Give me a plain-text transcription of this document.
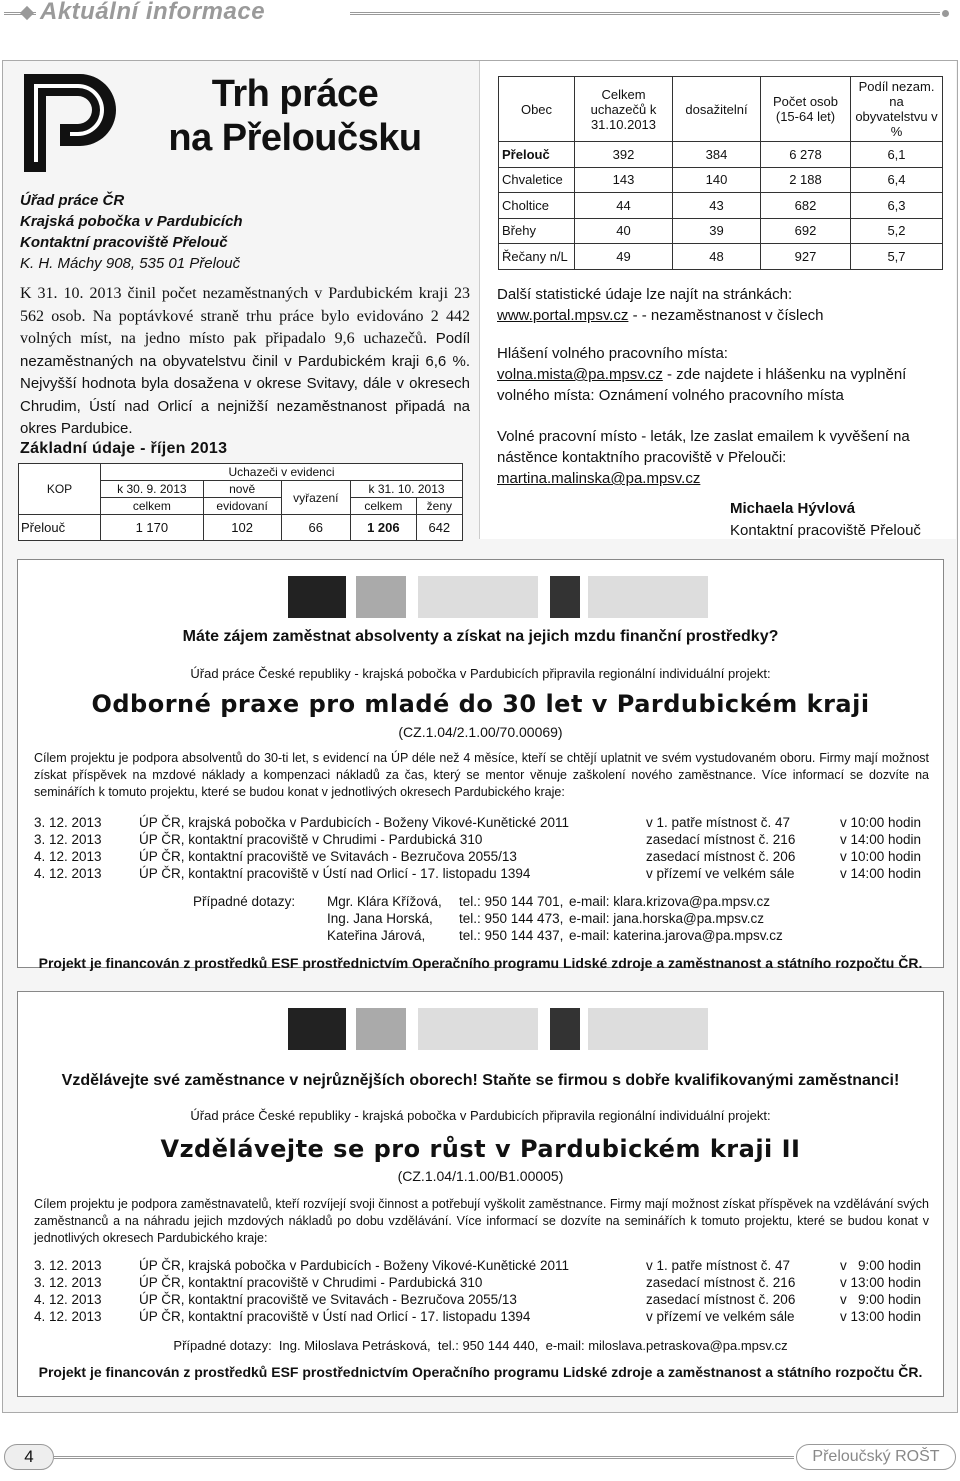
Aktuální informace
Trh práce
na Přeloučsku
Úřad práce ČR
Krajská pobočka v Pardubicích
Kontaktní pracoviště Přelouč
K. H. Máchy 908, 535 01 Přelouč

K 31. 10. 2013 činil počet nezaměstnaných v Pardubickém kraji 23 562 osob. Na poptávkové straně trhu práce bylo evidováno 2 442 volných míst, na jedno místo pak připadalo 9,6 uchazečů. Podíl nezaměstnaných na obyvatelstvu činil v Pardubickém kraji 6,6 %. Nejvyšší hodnota byla dosažena v okrese Svitavy, dále v okresech Chrudim, Ústí nad Orlicí a nejnižší nezaměstnanost připadá na okres Pardubice.

Základní údaje - říjen 2013
KOP	Uchazeči v evidenci				
	k 30. 9. 2013	nově	vyřazení	k 31. 10. 2013	
	celkem	evidovaní		celkem	ženy
Přelouč	1 170	102	66	1 206	642
Obec	Celkem uchazečů k 31.10.2013	dosažitelní	Počet osob (15-64 let)	Podíl nezam. na obyvatelstvu v %
Přelouč	392	384	6 278	6,1
Chvaletice	143	140	2 188	6,4
Choltice	44	43	682	6,3
Břehy	40	39	692	5,2
Řečany n/L	49	48	927	5,7
Další statistické údaje lze najít na stránkách:
www.portal.mpsv.cz - - nezaměstnanost v číslech
Hlášení volného pracovního místa:
volna.mista@pa.mpsv.cz - zde najdete i hlášenku na vyplnění volného místa: Oznámení volného pracovního místa
Volné pracovní místo - leták, lze zaslat emailem k vyvěšení na nástěnce kontaktního pracoviště v Přelouči:
martina.malinska@pa.mpsv.cz
Michaela Hývlová
Kontaktní pracoviště Přelouč
Máte zájem zaměstnat absolventy a získat na jejich mzdu finanční prostředky?
Úřad práce České republiky - krajská pobočka v Pardubicích připravila regionální individuální projekt:
Odborné praxe pro mladé do 30 let v Pardubickém kraji
(CZ.1.04/2.1.00/70.00069)
Cílem projektu je podpora absolventů do 30-ti let, s evidencí na ÚP déle než 4 měsíce, kteří se chtějí uplatnit ve svém vystudovaném oboru. Firmy mají možnost získat příspěvek na mzdové náklady a kompenzaci nákladů za čas, který se mentor věnuje zaškolení nového zaměstnance. Více informací se dozvíte na seminářích k tomuto projektu, které se budou konat v jednotlivých okresech Pardubického kraje:
3. 12. 2013	ÚP ČR, krajská pobočka v Pardubicích - Boženy Vikové-Kunětické 2011	v 1. patře místnost č. 47	v 10:00 hodin
3. 12. 2013	ÚP ČR, kontaktní pracoviště v Chrudimi - Pardubická 310	zasedací místnost č. 216	v 14:00 hodin
4. 12. 2013	ÚP ČR, kontaktní pracoviště ve Svitavách - Bezručova 2055/13	zasedací místnost č. 206	v 10:00 hodin
4. 12. 2013	ÚP ČR, kontaktní pracoviště v Ústí nad Orlicí - 17. listopadu 1394	v přízemí ve velkém sále	v 14:00 hodin
Případné dotazy:	Mgr. Klára Křížová,	tel.: 950 144 701,	e-mail: klara.krizova@pa.mpsv.cz
	Ing. Jana Horská,	tel.: 950 144 473,	e-mail: jana.horska@pa.mpsv.cz
	Kateřina Járová,	tel.: 950 144 437,	e-mail: katerina.jarova@pa.mpsv.cz
Projekt je financován z prostředků ESF prostřednictvím Operačního programu Lidské zdroje a zaměstnanost a státního rozpočtu ČR.
Vzdělávejte své zaměstnance v nejrůznějších oborech! Staňte se firmou s dobře kvalifikovanými zaměstnanci!
Úřad práce České republiky - krajská pobočka v Pardubicích připravila regionální individuální projekt:
Vzdělávejte se pro růst v Pardubickém kraji II
(CZ.1.04/1.1.00/B1.00005)
Cílem projektu je podpora zaměstnavatelů, kteří rozvíjejí svoji činnost a potřebují vyškolit zaměstnance. Firmy mají možnost získat příspěvek na vzdělávání svých zaměstnanců a na náhradu jejich mzdových nákladů po dobu vzdělávání. Více informací se dozvíte na seminářích k tomuto projektu, které se budou konat v jednotlivých okresech Pardubického kraje:
3. 12. 2013	ÚP ČR, krajská pobočka v Pardubicích - Boženy Vikové-Kunětické 2011	v 1. patře místnost č. 47	v   9:00 hodin
3. 12. 2013	ÚP ČR, kontaktní pracoviště v Chrudimi - Pardubická 310	zasedací místnost č. 216	v 13:00 hodin
4. 12. 2013	ÚP ČR, kontaktní pracoviště ve Svitavách - Bezručova 2055/13	zasedací místnost č. 206	v   9:00 hodin
4. 12. 2013	ÚP ČR, kontaktní pracoviště v Ústí nad Orlicí - 17. listopadu 1394	v přízemí ve velkém sále	v 13:00 hodin
Případné dotazy:  Ing. Miloslava Petrásková,  tel.: 950 144 440,  e-mail: miloslava.petraskova@pa.mpsv.cz
Projekt je financován z prostředků ESF prostřednictvím Operačního programu Lidské zdroje a zaměstnanost a státního rozpočtu ČR.
4	Přeloučský ROŠT
